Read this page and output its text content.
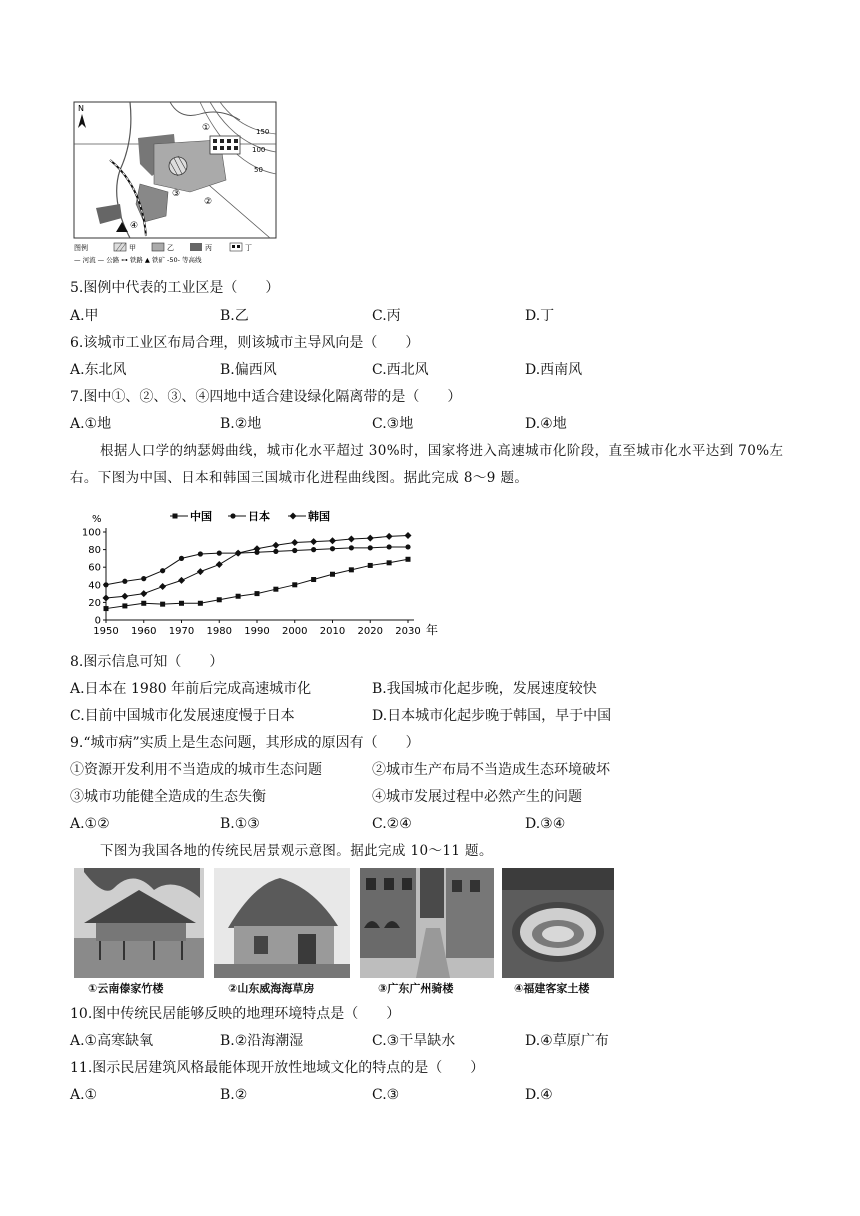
150
100
50
N
①
②
③
④
图例	甲	乙	丙	丁
— 河流 — 公路 ⊶ 铁路 ▲ 铁矿 -50- 等高线
5.图例中代表的工业区是（　　）
A.甲	B.乙	C.丙	D.丁
6.该城市工业区布局合理，则该城市主导风向是（　　）
A.东北风	B.偏西风	C.西北风	D.西南风
7.图中①、②、③、④四地中适合建设绿化隔离带的是（　　）
A.①地	B.②地	C.③地	D.④地
根据人口学的纳瑟姆曲线，城市化水平超过 30%时，国家将进入高速城市化阶段，直至城市化水平达到 70%左右。下图为中国、日本和韩国三国城市化进程曲线图。据此完成 8～9 题。
0
20
40
60
80
100
1950 1960 1970 1980 1990 2000 2010 2020 2030
%
年
中国	日本	韩国
8.图示信息可知（　　）
A.日本在 1980 年前后完成高速城市化	B.我国城市化起步晚，发展速度较快
C.目前中国城市化发展速度慢于日本	D.日本城市化起步晚于韩国，早于中国
9.“城市病”实质上是生态问题，其形成的原因有（　　）
①资源开发利用不当造成的城市生态问题	②城市生产布局不当造成生态环境破坏
③城市功能健全造成的生态失衡	④城市发展过程中必然产生的问题
A.①②	B.①③	C.②④	D.③④
下图为我国各地的传统民居景观示意图。据此完成 10～11 题。
①云南傣家竹楼	②山东威海海草房	③广东广州骑楼	④福建客家土楼
10.图中传统民居能够反映的地理环境特点是（　　）
A.①高寒缺氧	B.②沿海潮湿	C.③干旱缺水	D.④草原广布
11.图示民居建筑风格最能体现开放性地域文化的特点的是（　　）
A.①	B.②	C.③	D.④
